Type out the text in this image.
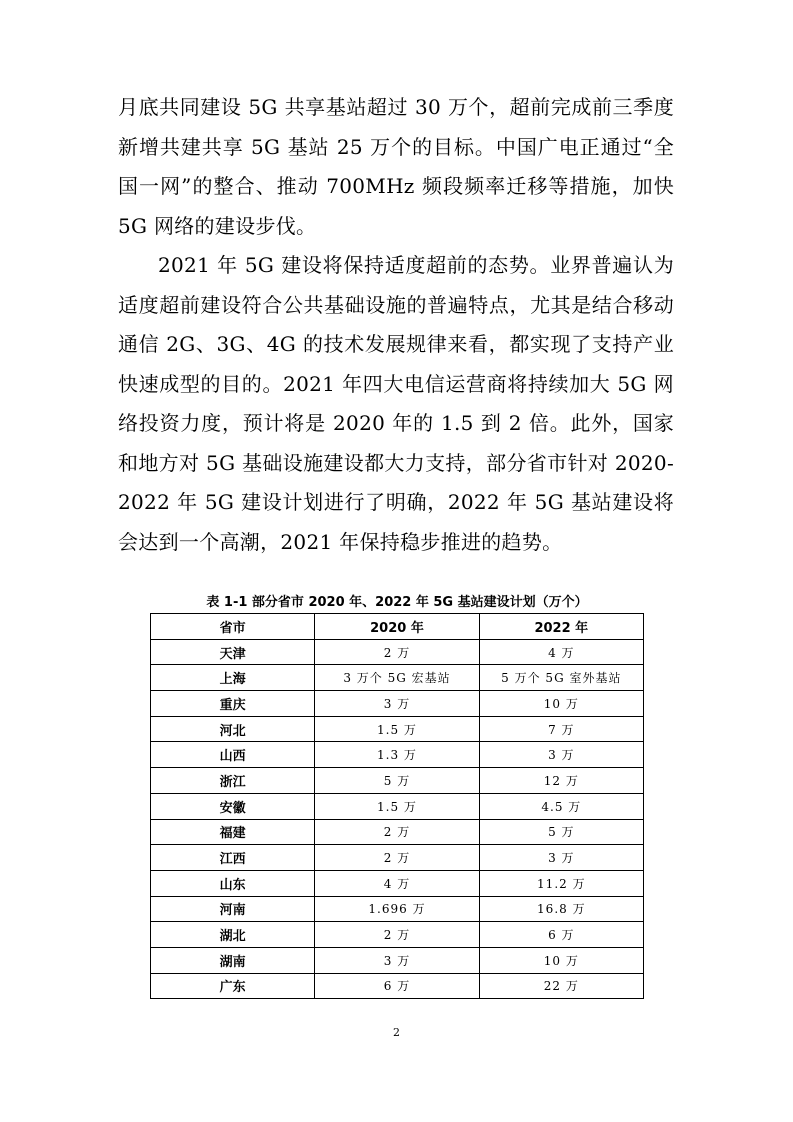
月底共同建设 5G 共享基站超过 30 万个，超前完成前三季度新增共建共享 5G 基站 25 万个的目标。中国广电正通过“全国一网”的整合、推动 700MHz 频段频率迁移等措施，加快 5G 网络的建设步伐。

2021 年 5G 建设将保持适度超前的态势。业界普遍认为适度超前建设符合公共基础设施的普遍特点，尤其是结合移动通信 2G、3G、4G 的技术发展规律来看，都实现了支持产业快速成型的目的。2021 年四大电信运营商将持续加大 5G 网络投资力度，预计将是 2020 年的 1.5 到 2 倍。此外，国家和地方对 5G 基础设施建设都大力支持，部分省市针对 2020-2022 年 5G 建设计划进行了明确，2022 年 5G 基站建设将会达到一个高潮，2021 年保持稳步推进的趋势。

表 1-1 部分省市 2020 年、2022 年 5G 基站建设计划（万个）
省市	2020 年	2022 年
天津	2 万	4 万
上海	3 万个 5G 宏基站	5 万个 5G 室外基站
重庆	3 万	10 万
河北	1.5 万	7 万
山西	1.3 万	3 万
浙江	5 万	12 万
安徽	1.5 万	4.5 万
福建	2 万	5 万
江西	2 万	3 万
山东	4 万	11.2 万
河南	1.696 万	16.8 万
湖北	2 万	6 万
湖南	3 万	10 万
广东	6 万	22 万
2
